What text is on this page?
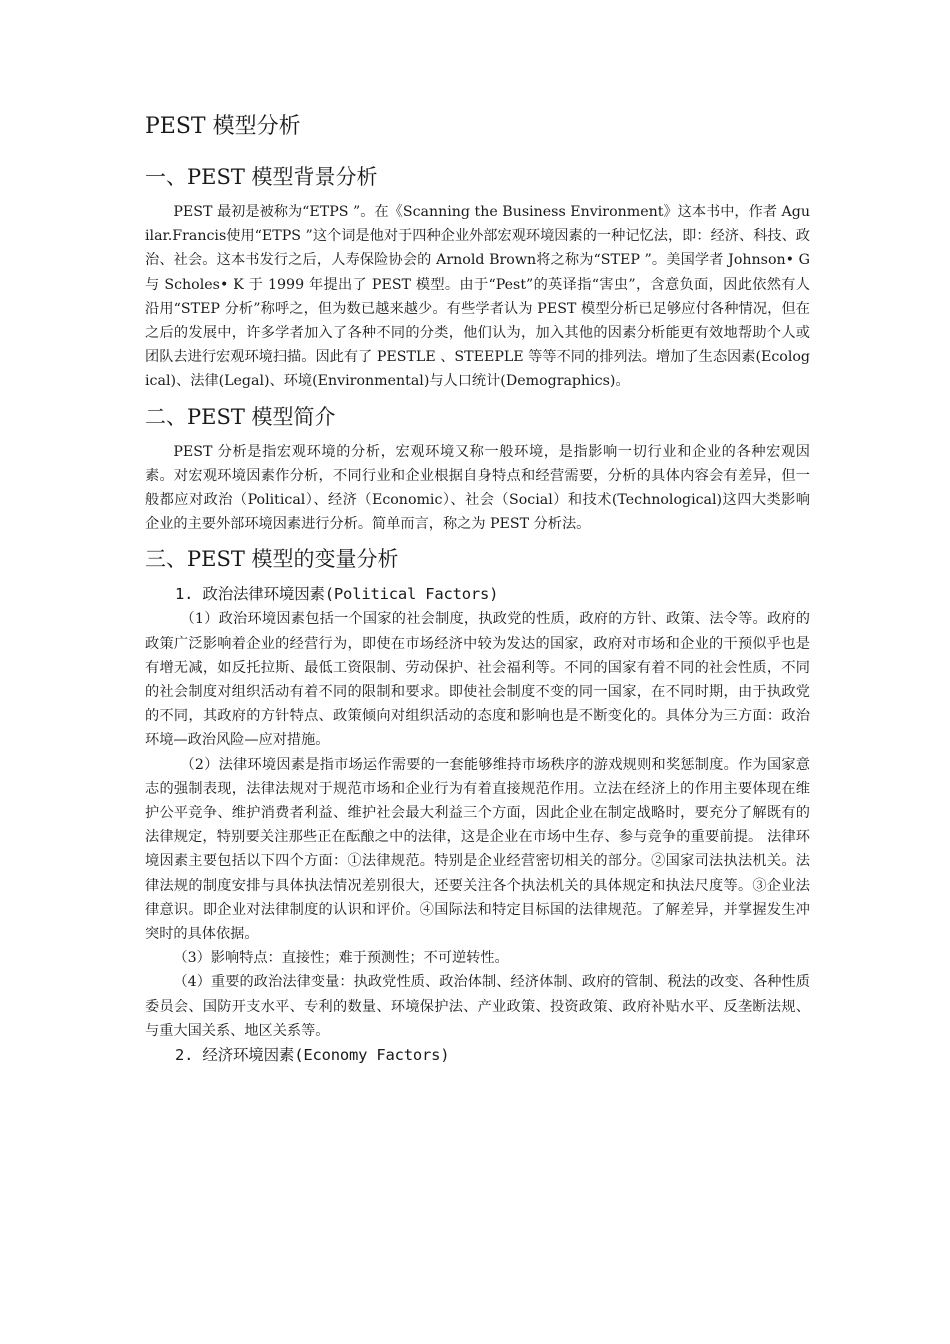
PEST 模型分析
一、PEST 模型背景分析

PEST 最初是被称为“ETPS ”。在《Scanning the Business Environment》这本书中，作者 Aguilar.Francis使用“ETPS ”这个词是他对于四种企业外部宏观环境因素的一种记忆法，即：经济、科技、政治、社会。这本书发行之后，人寿保险协会的 Arnold Brown将之称为“STEP ”。美国学者 Johnson• G 与 Scholes• K 于 1999 年提出了 PEST 模型。由于“Pest”的英译指“害虫”，含意负面，因此依然有人沿用“STEP 分析”称呼之，但为数已越来越少。有些学者认为 PEST 模型分析已足够应付各种情况，但在之后的发展中，许多学者加入了各种不同的分类，他们认为，加入其他的因素分析能更有效地帮助个人或团队去进行宏观环境扫描。因此有了 PESTLE 、STEEPLE 等等不同的排列法。增加了生态因素(Ecological)、法律(Legal)、环境(Environmental)与人口统计(Demographics)。

二、PEST 模型简介

PEST 分析是指宏观环境的分析，宏观环境又称一般环境，是指影响一切行业和企业的各种宏观因素。对宏观环境因素作分析，不同行业和企业根据自身特点和经营需要，分析的具体内容会有差异，但一般都应对政治（Political）、经济（Economic）、社会（Social）和技术(Technological)这四大类影响企业的主要外部环境因素进行分析。简单而言，称之为 PEST 分析法。

三、PEST 模型的变量分析
1. 政治法律环境因素(Political Factors)

（1）政治环境因素包括一个国家的社会制度，执政党的性质，政府的方针、政策、法令等。政府的政策广泛影响着企业的经营行为，即使在市场经济中较为发达的国家，政府对市场和企业的干预似乎也是有增无减，如反托拉斯、最低工资限制、劳动保护、社会福利等。不同的国家有着不同的社会性质，不同的社会制度对组织活动有着不同的限制和要求。即使社会制度不变的同一国家，在不同时期，由于执政党的不同，其政府的方针特点、政策倾向对组织活动的态度和影响也是不断变化的。具体分为三方面：政治环境—政治风险—应对措施。

（2）法律环境因素是指市场运作需要的一套能够维持市场秩序的游戏规则和奖惩制度。作为国家意志的强制表现，法律法规对于规范市场和企业行为有着直接规范作用。立法在经济上的作用主要体现在维护公平竞争、维护消费者利益、维护社会最大利益三个方面，因此企业在制定战略时，要充分了解既有的法律规定，特别要关注那些正在酝酿之中的法律，这是企业在市场中生存、参与竞争的重要前提。 法律环境因素主要包括以下四个方面：①法律规范。特别是企业经营密切相关的部分。②国家司法执法机关。法律法规的制度安排与具体执法情况差别很大，还要关注各个执法机关的具体规定和执法尺度等。③企业法律意识。即企业对法律制度的认识和评价。④国际法和特定目标国的法律规范。了解差异，并掌握发生冲突时的具体依据。

（3）影响特点：直接性；难于预测性；不可逆转性。

（4）重要的政治法律变量：执政党性质、政治体制、经济体制、政府的管制、税法的改变、各种性质委员会、国防开支水平、专利的数量、环境保护法、产业政策、投资政策、政府补贴水平、反垄断法规、与重大国关系、地区关系等。

2. 经济环境因素(Economy Factors)
